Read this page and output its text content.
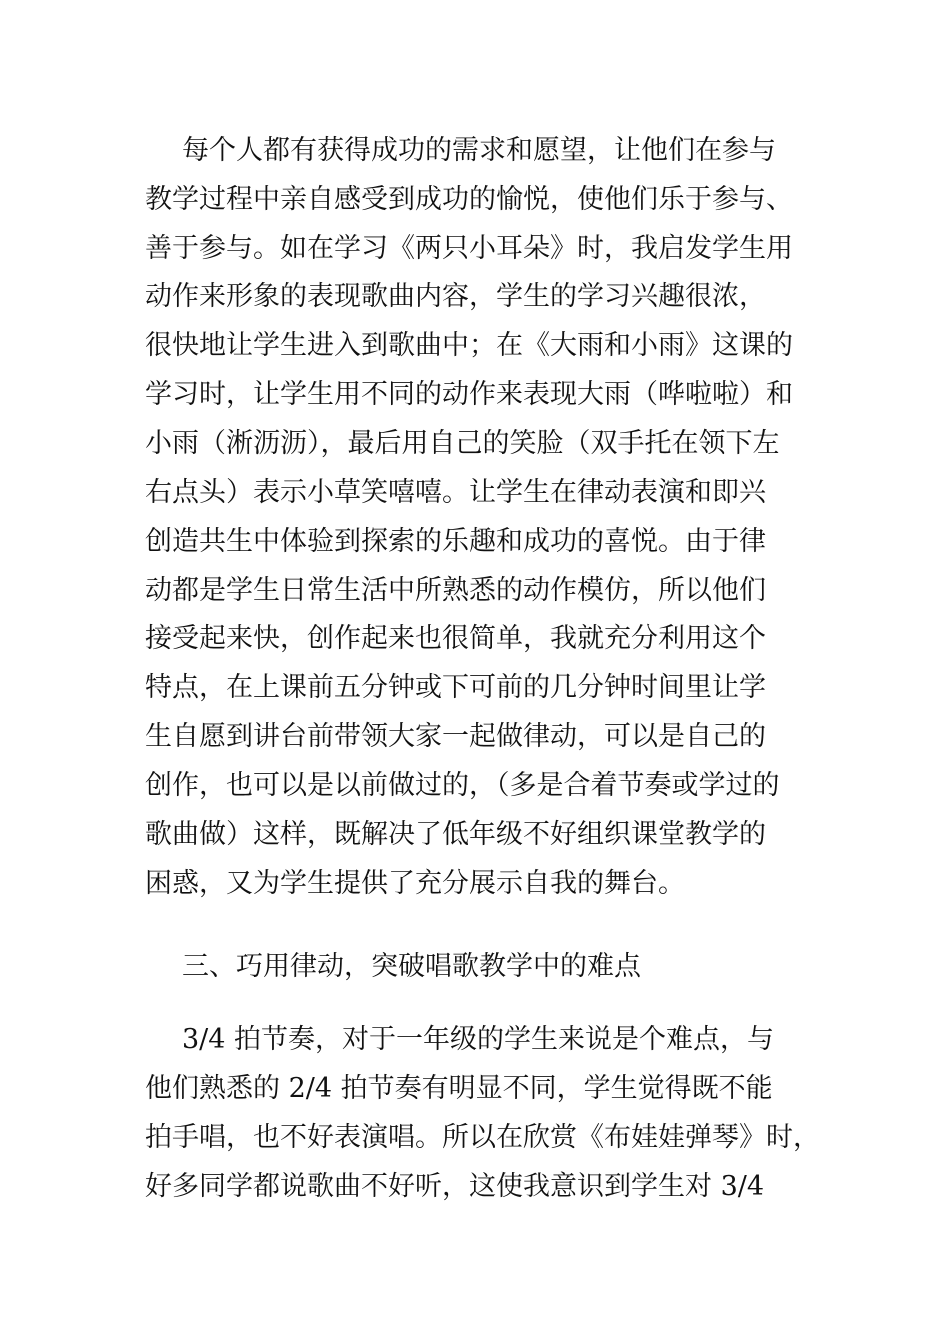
每个人都有获得成功的需求和愿望，让他们在参与
教学过程中亲自感受到成功的愉悦，使他们乐于参与、
善于参与。如在学习《两只小耳朵》时，我启发学生用
动作来形象的表现歌曲内容，学生的学习兴趣很浓，
很快地让学生进入到歌曲中；在《大雨和小雨》这课的
学习时，让学生用不同的动作来表现大雨（哗啦啦）和
小雨（淅沥沥），最后用自己的笑脸（双手托在领下左
右点头）表示小草笑嘻嘻。让学生在律动表演和即兴
创造共生中体验到探索的乐趣和成功的喜悦。由于律
动都是学生日常生活中所熟悉的动作模仿，所以他们
接受起来快，创作起来也很简单，我就充分利用这个
特点，在上课前五分钟或下可前的几分钟时间里让学
生自愿到讲台前带领大家一起做律动，可以是自己的
创作，也可以是以前做过的，（多是合着节奏或学过的
歌曲做）这样，既解决了低年级不好组织课堂教学的
困惑，又为学生提供了充分展示自我的舞台。
三、巧用律动，突破唱歌教学中的难点
3/4 拍节奏，对于一年级的学生来说是个难点，与
他们熟悉的 2/4 拍节奏有明显不同，学生觉得既不能
拍手唱，也不好表演唱。所以在欣赏《布娃娃弹琴》时，
好多同学都说歌曲不好听，这使我意识到学生对 3/4
